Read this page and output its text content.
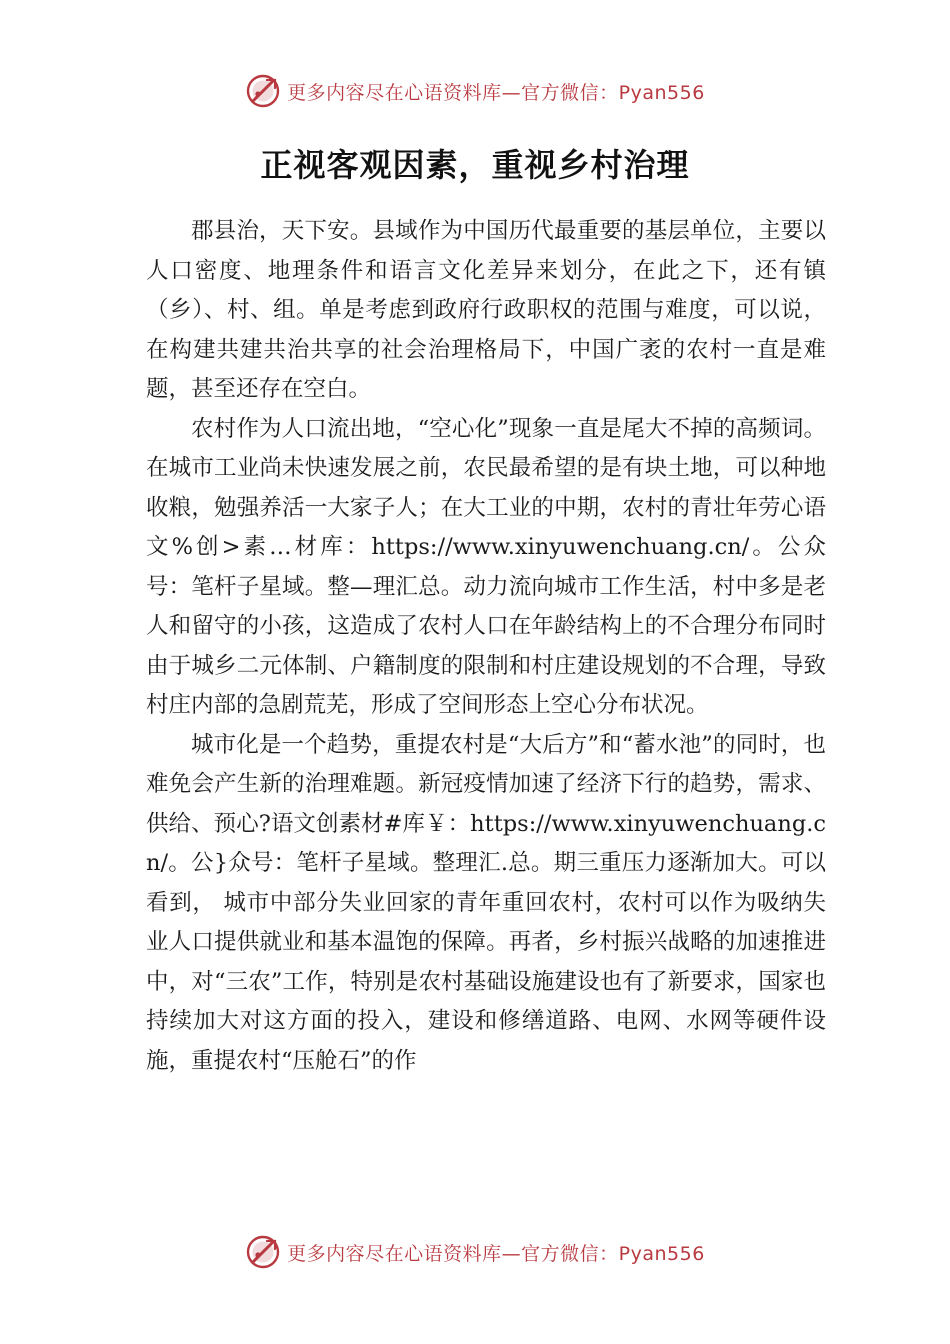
更多内容尽在心语资料库—官方微信：Pyan556
正视客观因素，重视乡村治理

郡县治，天下安。县域作为中国历代最重要的基层单位，主要以人口密度、地理条件和语言文化差异来划分，在此之下，还有镇（乡）、村、组。单是考虑到政府行政职权的范围与难度，可以说，在构建共建共治共享的社会治理格局下，中国广袤的农村一直是难题，甚至还存在空白。

农村作为人口流出地，“空心化”现象一直是尾大不掉的高频词。在城市工业尚未快速发展之前，农民最希望的是有块土地，可以种地收粮，勉强养活一大家子人；在大工业的中期，农村的青壮年劳心语文%创>素…材库：https://www.xinyuwenchuang.cn/。公众号：笔杆子星域。整—理汇总。动力流向城市工作生活，村中多是老人和留守的小孩，这造成了农村人口在年龄结构上的不合理分布同时由于城乡二元体制、户籍制度的限制和村庄建设规划的不合理，导致村庄内部的急剧荒芜，形成了空间形态上空心分布状况。

城市化是一个趋势，重提农村是“大后方”和“蓄水池”的同时，也难免会产生新的治理难题。新冠疫情加速了经济下行的趋势，需求、供给、预心?语文创素材#库￥：https://www.xinyuwenchuang.cn/。公}众号：笔杆子星域。整理汇.总。期三重压力逐渐加大。可以看到， 城市中部分失业回家的青年重回农村，农村可以作为吸纳失业人口提供就业和基本温饱的保障。再者，乡村振兴战略的加速推进中，对“三农”工作，特别是农村基础设施建设也有了新要求，国家也持续加大对这方面的投入，建设和修缮道路、电网、水网等硬件设施，重提农村“压舱石”的作

更多内容尽在心语资料库—官方微信：Pyan556
